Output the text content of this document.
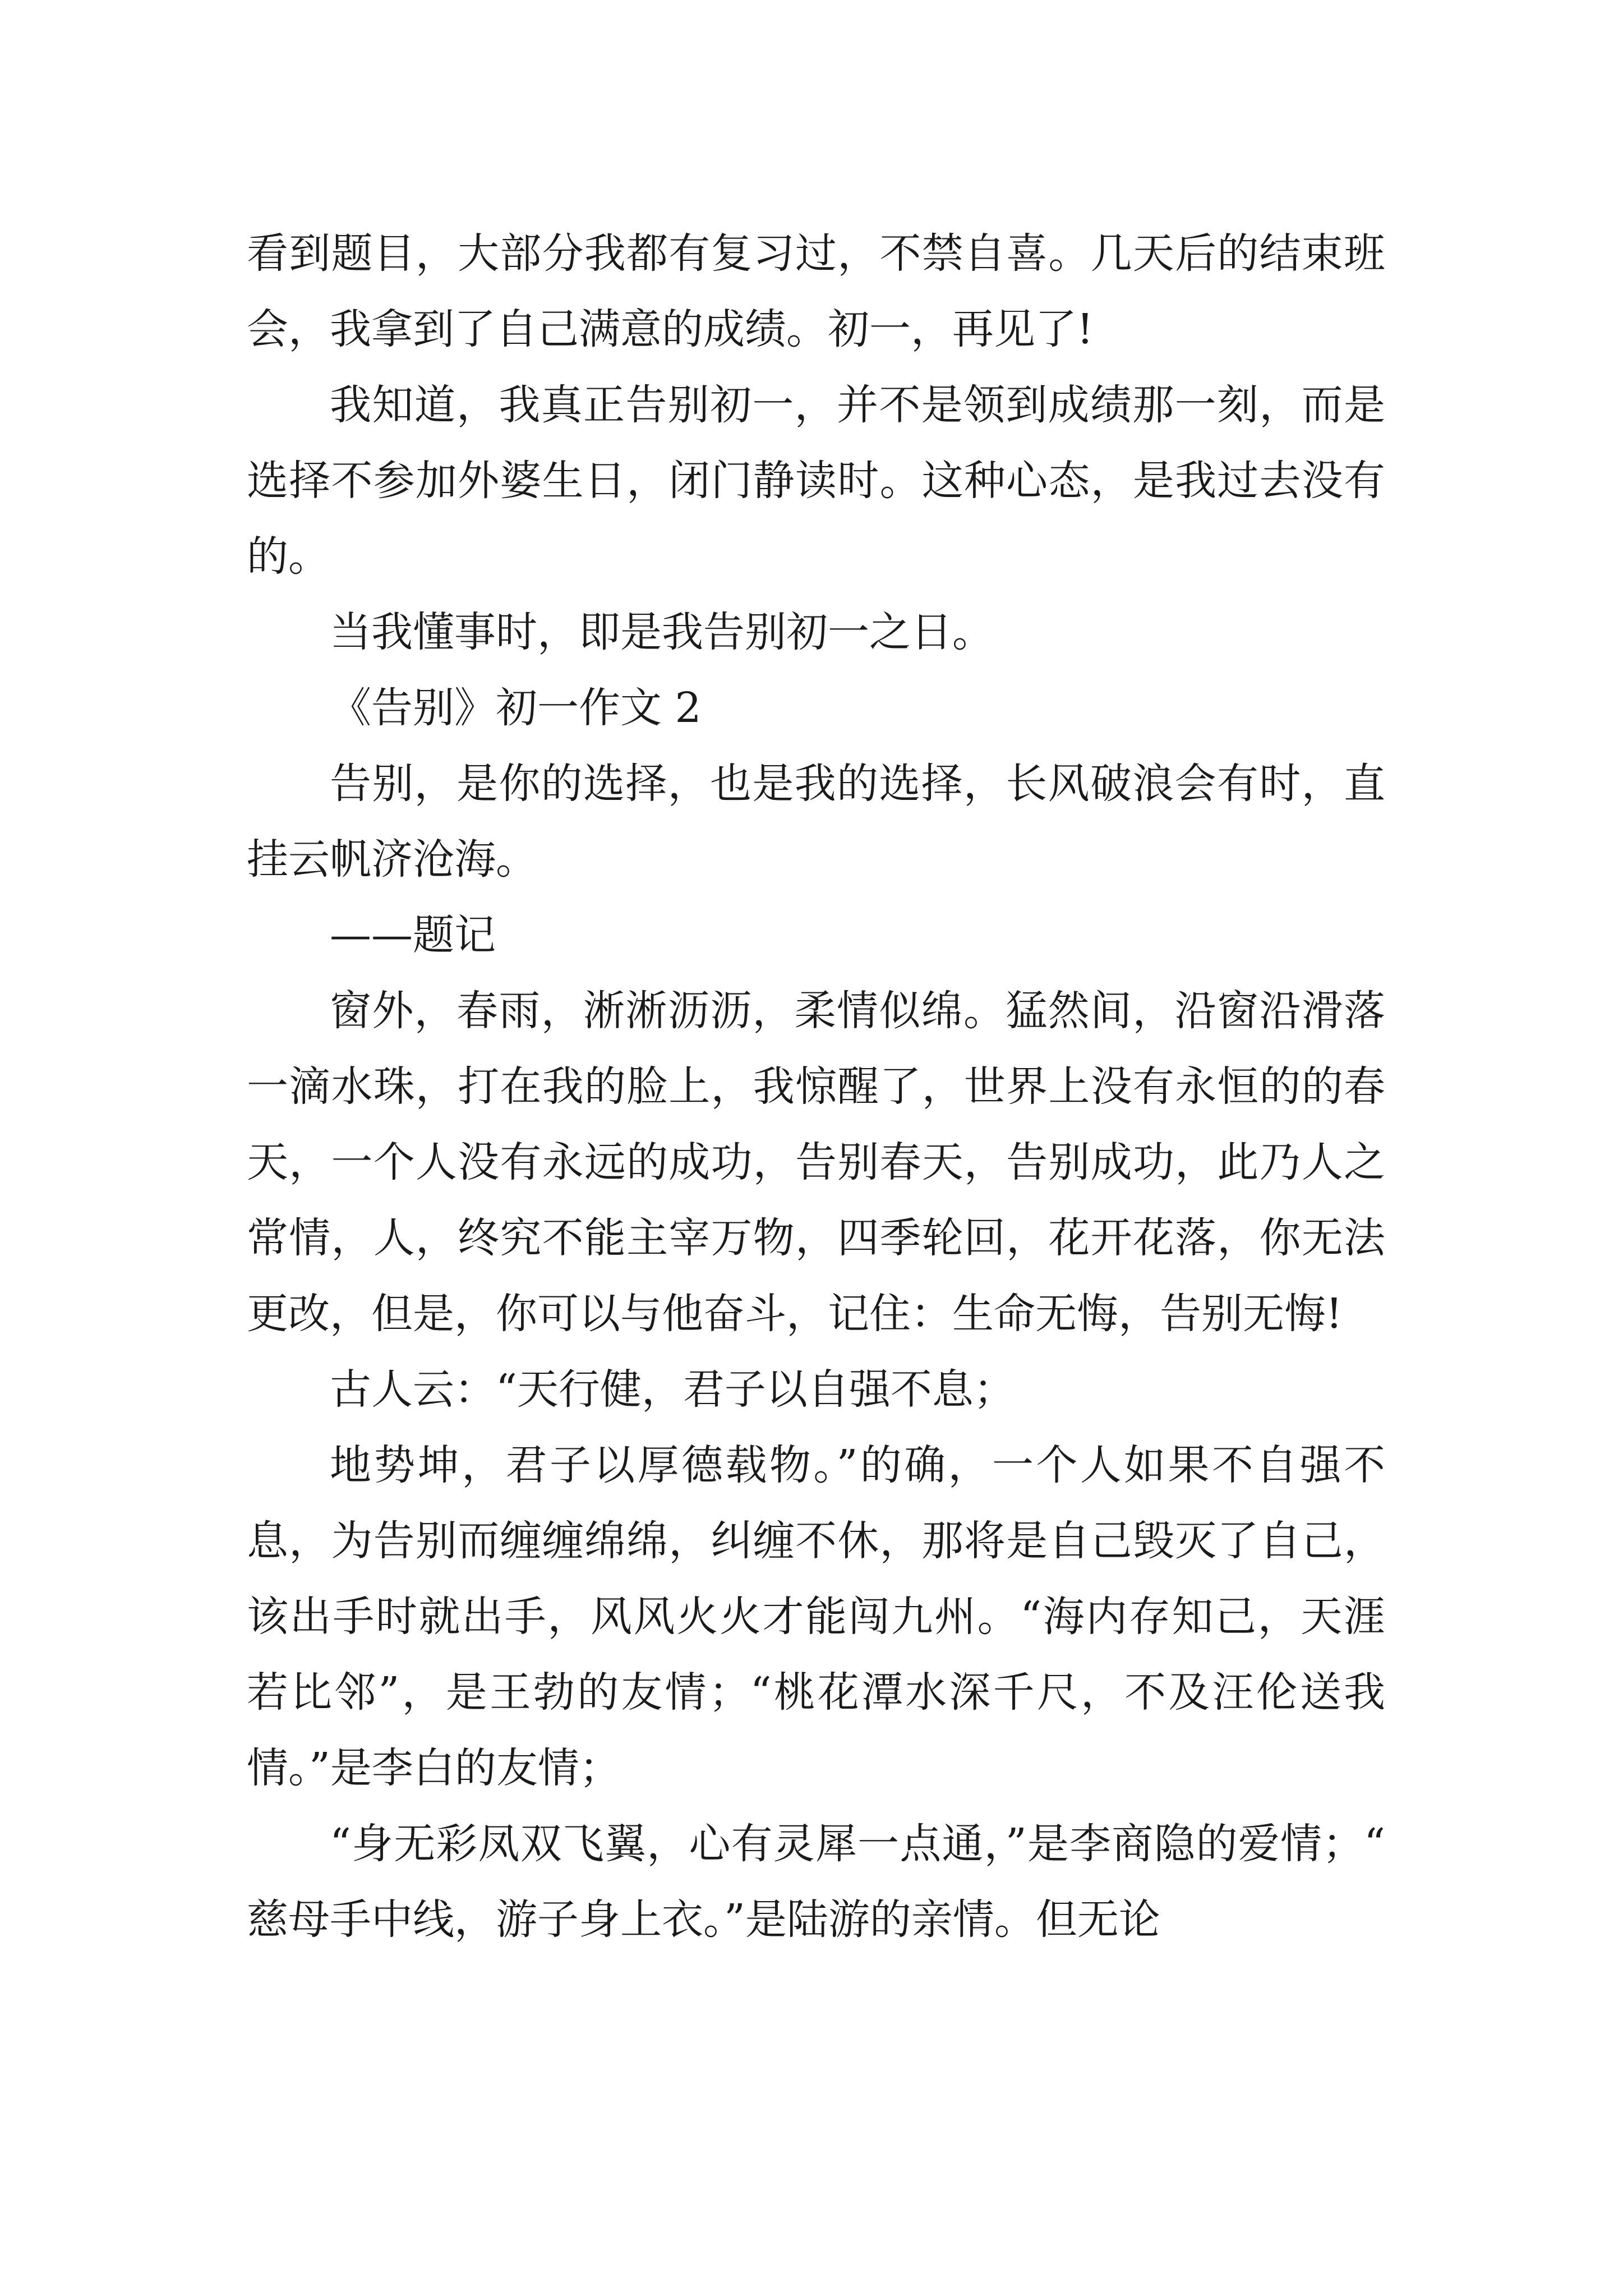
看到题目，大部分我都有复习过，不禁自喜。几天后的结束班会，我拿到了自己满意的成绩。初一，再见了!

我知道，我真正告别初一，并不是领到成绩那一刻，而是选择不参加外婆生日，闭门静读时。这种心态，是我过去没有的。

当我懂事时，即是我告别初一之日。

《告别》初一作文 2

告别，是你的选择，也是我的选择，长风破浪会有时，直挂云帆济沧海。

——题记

窗外，春雨，淅淅沥沥，柔情似绵。猛然间，沿窗沿滑落一滴水珠，打在我的脸上，我惊醒了，世界上没有永恒的的春天，一个人没有永远的成功，告别春天，告别成功，此乃人之常情，人，终究不能主宰万物，四季轮回，花开花落，你无法更改，但是，你可以与他奋斗，记住：生命无悔，告别无悔!

古人云：“天行健，君子以自强不息；

地势坤，君子以厚德载物。”的确，一个人如果不自强不息，为告别而缠缠绵绵，纠缠不休，那将是自己毁灭了自己，该出手时就出手，风风火火才能闯九州。“海内存知己，天涯若比邻”，是王勃的友情；“桃花潭水深千尺，不及汪伦送我情。”是李白的友情；

“身无彩凤双飞翼，心有灵犀一点通，”是李商隐的爱情；“ 慈母手中线，游子身上衣。”是陆游的亲情。但无论
